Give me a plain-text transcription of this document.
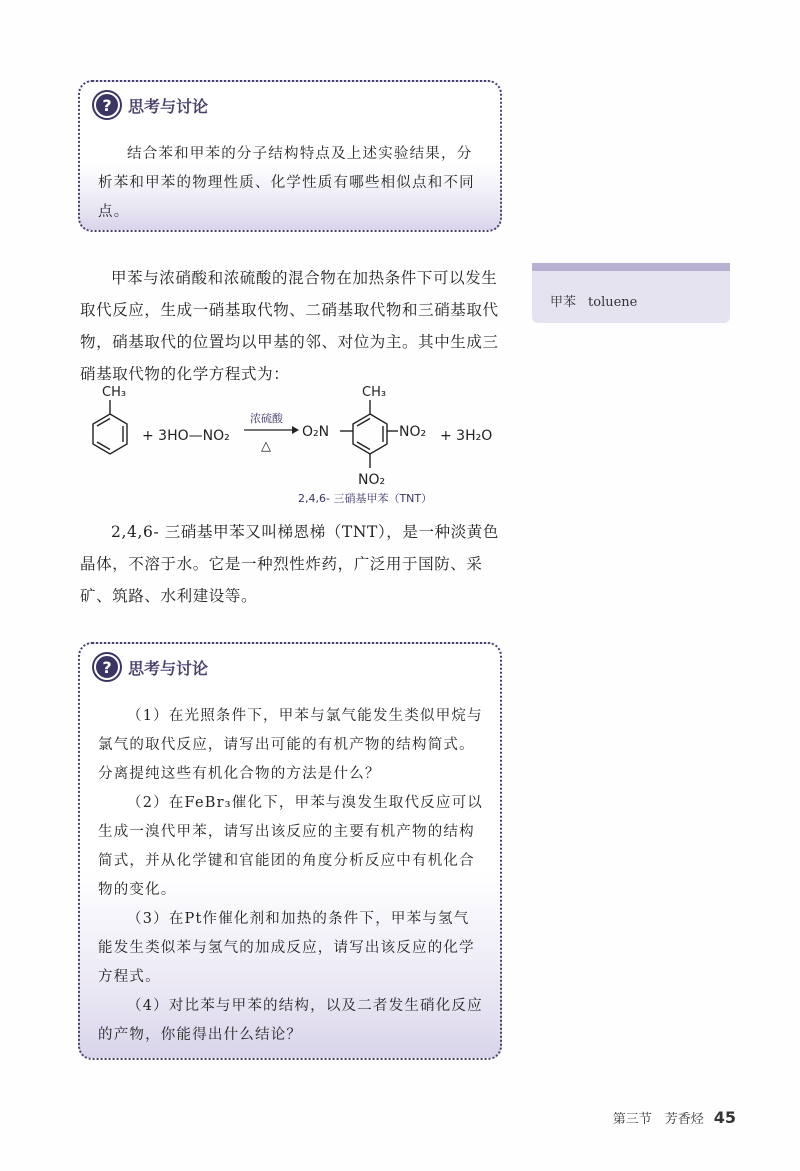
?	思考与讨论

结合苯和甲苯的分子结构特点及上述实验结果，分析苯和甲苯的物理性质、化学性质有哪些相似点和不同点。

甲苯 toluene

甲苯与浓硝酸和浓硫酸的混合物在加热条件下可以发生取代反应，生成一硝基取代物、二硝基取代物和三硝基取代物，硝基取代的位置均以甲基的邻、对位为主。其中生成三硝基取代物的化学方程式为：

CH₃
+ 3HO—NO₂
浓硫酸
△
O₂N
CH₃
NO₂
NO₂
+ 3H₂O
2,4,6- 三硝基甲苯（TNT）

2,4,6- 三硝基甲苯又叫梯恩梯（TNT），是一种淡黄色晶体，不溶于水。它是一种烈性炸药，广泛用于国防、采矿、筑路、水利建设等。

?	思考与讨论

（1）在光照条件下，甲苯与氯气能发生类似甲烷与氯气的取代反应，请写出可能的有机产物的结构简式。分离提纯这些有机化合物的方法是什么？

（2）在FeBr₃催化下，甲苯与溴发生取代反应可以生成一溴代甲苯，请写出该反应的主要有机产物的结构简式，并从化学键和官能团的角度分析反应中有机化合物的变化。

（3）在Pt作催化剂和加热的条件下，甲苯与氢气能发生类似苯与氢气的加成反应，请写出该反应的化学方程式。

（4）对比苯与甲苯的结构，以及二者发生硝化反应的产物，你能得出什么结论？

第三节　芳香烃 45
